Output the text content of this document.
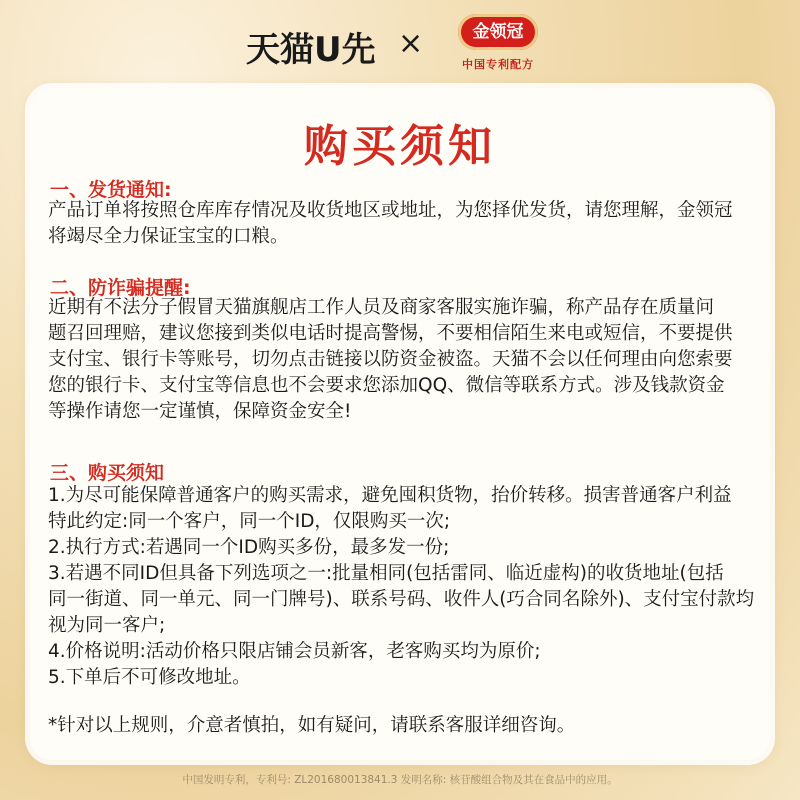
天猫U先 ×	金领冠
中国专利配方
购买须知
一、发货通知:

产品订单将按照仓库库存情况及收货地区或地址，为您择优发货，请您理解，金领冠
将竭尽全力保证宝宝的口粮。

二、防诈骗提醒:

近期有不法分子假冒天猫旗舰店工作人员及商家客服实施诈骗，称产品存在质量问
题召回理赔，建议您接到类似电话时提高警惕，不要相信陌生来电或短信，不要提供
支付宝、银行卡等账号，切勿点击链接以防资金被盗。天猫不会以任何理由向您索要
您的银行卡、支付宝等信息也不会要求您添加QQ、微信等联系方式。涉及钱款资金
等操作请您一定谨慎，保障资金安全!

三、购买须知

1.为尽可能保障普通客户的购买需求，避免囤积货物，抬价转移。损害普通客户利益
特此约定:同一个客户，同一个ID，仅限购买一次;
2.执行方式:若遇同一个ID购买多份，最多发一份;
3.若遇不同ID但具备下列选项之一:批量相同(包括雷同、临近虚构)的收货地址(包括
同一街道、同一单元、同一门牌号)、联系号码、收件人(巧合同名除外)、支付宝付款均
视为同一客户;
4.价格说明:活动价格只限店铺会员新客，老客购买均为原价;
5.下单后不可修改地址。

*针对以上规则，介意者慎拍，如有疑问，请联系客服详细咨询。

中国发明专利，专利号: ZL201680013841.3 发明名称: 核苷酸组合物及其在食品中的应用。
